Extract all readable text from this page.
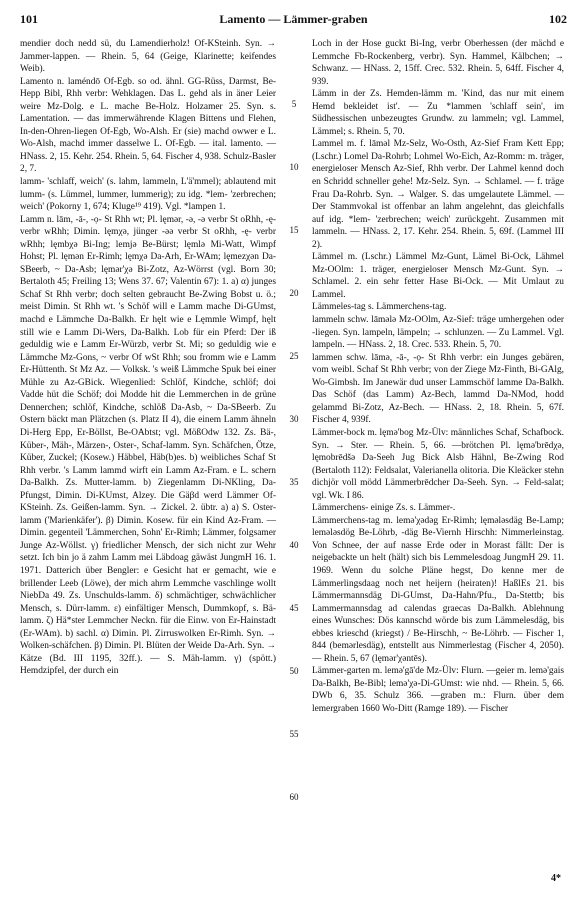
101	Lamento — Lämmer-graben	102

mendier doch nedd sü, du Lamendierholz! Of-KSteinh. Syn. → Jammer-lappen. — Rhein. 5, 64 (Geige, Klarinette; keifendes Weib).

Lamento n. laméndō Of-Egb. so od. ähnl. GG-Rüss, Darmst, Be-Hepp Bibl, Rhh verbr: Wehklagen. Das L. gehd als in äner Leier weire Mz-Dolg. e L. mache Be-Holz. Holzamer 25. Syn. s. Lamentation. — das immerwährende Klagen Bittens und Flehen, In-den-Ohren-liegen Of-Egb, Wo-Alsh. Er (sie) machd owwer e L. Wo-Alsh, machd immer dasselwe L. Of-Egb. — ital. lamento. — HNass. 2, 15. Kehr. 254. Rhein. 5, 64. Fischer 4, 938. Schulz-Basler 2, 7.

lamm- 'schlaff, weich' (s. lahm, lammeln, L'ä'mmel); ablautend mit lumm- (s. Lümmel, lummer, lummerig); zu idg. *lem- 'zerbrechen; weich' (Pokorny 1, 674; Kluge¹⁹ 419). Vgl. *lampen 1.

Lamm n. lām, -ā-, -ọ- St Rhh wt; Pl. lęmər, -ə, -ə verbr St oRhh, -ę- verbr wRhh; Dimin. lęmχə, jünger -ǝə verbr St oRhh, -ę- verbr wRhh; lęmbχə Bi-Ing; lemjə Be-Bürst; lęmlə Mi-Watt, Wimpf Hohst; Pl. lęmən Er-Rimh; lęmχə Da-Arh, Er-WAm; lęmezχən Da-SBeerb, ~ Da-Asb; lęmər'χə Bi-Zotz, Az-Wörrst (vgl. Born 30; Bertaloth 45; Freiling 13; Wens 37. 67; Valentin 67): 1. a) α) junges Schaf St Rhh verbr; doch selten gebraucht Be-Zwing Bobst u. ö.; meist Dimin. St Rhh wt. 's Schöf will e Lamm mache Di-GUmst, machd e Lämmche Da-Balkh. Er hęlt wie e Lęmmle Wimpf, hęlt still wie e Lamm Di-Wers, Da-Balkh. Lob für ein Pferd: Der iß geduldig wie e Lamm Er-Würzb, verbr St. Mi; so geduldig wie e Lämmche Mz-Gons, ~ verbr Of wSt Rhh; sou fromm wie e Lamm Er-Hüttenth. St Mz Az. — Volksk. 's weiß Lämmche Spuk bei einer Mühle zu Az-GBick. Wiegenlied: Schlöf, Kindche, schlöf; doi Vadde hüt die Schöf; doi Modde hit die Lemmerchen in de grüne Dennerchen; schlöf, Kindche, schlöß Da-Asb, ~ Da-SBeerb. Zu Ostern bäckt man Plätzchen (s. Platz II 4), die einem Lamm ähneln Di-Herg Epp, Er-Böllst, Be-OAbtst; vgl. MößOdw 132. Zs. Bä-, Küber-, Mäh-, Märzen-, Oster-, Schaf-lamm. Syn. Schäfchen, Ötze, Küber, Zuckel; (Kosew.) Häbbel, Häb(b)es. b) weibliches Schaf St Rhh verbr. 's Lamm lammd wirft ein Lamm Az-Fram. e L. schern Da-Balkh. Zs. Mutter-lamm. b) Ziegenlamm Di-NKling, Da-Pfungst, Dimin. Di-KUmst, Alzey. Die Gäβd werd Lämmer Of-KSteinh. Zs. Geißen-lamm. Syn. → Zickel. 2. übtr. a) a) S. Oster-lamm ('Marienkäfer'). β) Dimin. Kosew. für ein Kind Az-Fram. — Dimin. gegenteil 'Lämmerchen, Sohn' Er-Rimh; Lämmer, folgsamer Junge Az-Wöllst. γ) friedlicher Mensch, der sich nicht zur Wehr setzt. Ich bin jo ä zahm Lamm mei Läbdoag gäwäst JungmH 16. 1. 1971. Datterich über Bengler: e Gesicht hat er gemacht, wie e brillender Leeb (Löwe), der mich ahrm Lemmche vaschlinge wollt NiebDa 49. Zs. Unschulds-lamm. δ) schmächtiger, schwächlicher Mensch, s. Dürr-lamm. ε) einfältiger Mensch, Dummkopf, s. Bä-lamm. ζ) Hä*ster Lemmcher Neckn. für die Einw. von Er-Hainstadt (Er-WAm). b) sachl. α) Dimin. Pl. Zirruswolken Er-Rimh. Syn. → Wolken-schäfchen. β) Dimin. Pl. Blüten der Weide Da-Arh. Syn. → Kätze (Bd. III 1195, 32ff.). — S. Mäh-lamm. γ) (spött.) Hemdzipfel, der durch ein

5
10
15
20
25
30
35
40
45
50
55
60

Loch in der Hose guckt Bi-Ing, verbr Oberhessen (der mächd e Lemmche Fb-Rockenberg, verbr). Syn. Hammel, Kälbchen; → Schwanz. — HNass. 2, 15ff. Crec. 532. Rhein. 5, 64ff. Fischer 4, 939.

Lämm in der Zs. Hemden-lämm m. 'Kind, das nur mit einem Hemd bekleidet ist'. — Zu *lammen 'schlaff sein', im Südhessischen unbezeugtes Grundw. zu lammeln; vgl. Lammel, Lämmel; s. Rhein. 5, 70.

Lammel m. f. lāməl Mz-Selz, Wo-Osth, Az-Sief Fram Kett Epp; (Lschr.) Lomel Da-Rohrb; Lohmel Wo-Eich, Az-Romm: m. träger, energieloser Mensch Az-Sief, Rhh verbr. Der Lahmel kennd doch en Schridd schneller gehe! Mz-Selz. Syn. → Schlamel. — f. träge Frau Da-Rohrb. Syn. → Walger. S. das umgelautete Lämmel. — Der Stammvokal ist offenbar an lahm angelehnt, das gleichfalls auf idg. *lem- 'zerbrechen; weich' zurückgeht. Zusammen mit lammeln. — HNass. 2, 17. Kehr. 254. Rhein. 5, 69f. (Lammel III 2).

Lämmel m. (Lschr.) Lämmel Mz-Gunt, Lämel Bi-Ock, Lähmel Mz-OOlm: 1. träger, energieloser Mensch Mz-Gunt. Syn. → Schlamel. 2. ein sehr fetter Hase Bi-Ock. — Mit Umlaut zu Lammel.

Lämmeles-tag s. Lämmerchens-tag.

lammeln schw. lāmələ Mz-OOlm, Az-Sief: träge umhergehen oder -liegen. Syn. lampeln, lämpeln; → schlunzen. — Zu Lammel. Vgl. lampeln. — HNass. 2, 18. Crec. 533. Rhein. 5, 70.

lammen schw. lāmə, -ā-, -ọ- St Rhh verbr: ein Junges gebären, vom weibl. Schaf St Rhh verbr; von der Ziege Mz-Finth, Bi-GAlg, Wo-Gimbsh. Im Janewär dud unser Lammschöf lamme Da-Balkh. Das Schöf (das Lamm) Az-Bech, lammd Da-NMod, hodd gelammd Bi-Zotz, Az-Bech. — HNass. 2, 18. Rhein. 5, 67f. Fischer 4, 939f.

Lämmer-bock m. lęmə'bog Mz-Ülv: männliches Schaf, Schafbock. Syn. → Ster. — Rhein. 5, 66. —brötchen Pl. lęmə'brēdχə, lęmobrēdšə Da-Seeh Jug Bick Alsb Hähnl, Be-Zwing Rod (Bertaloth 112): Feldsalat, Valerianella olitoria. Die Kleäcker stehn dichjör voll mödd Lämmerbrēdcher Da-Seeh. Syn. → Feld-salat; vgl. Wk. I 86.

Lämmerchens- einige Zs. s. Lämmer-.

Lämmerchens-tag m. lemə'χədəg Er-Rimh; lęmələsdäg Be-Lamp; lemələsdög Be-Löhrb, -däg Be-Viernh Hirschh: Nimmerleinstag. Von Schnee, der auf nasse Erde oder in Morast fällt: Der is neigebackte un helt (hält) sich bis Lemmelesdoag JungmH 29. 11. 1969. Wenn du solche Pläne hegst, Do kenne mer de Lämmerlingsdaag noch net heijern (heiraten)! HaßlEs 21. bis Lämmermannsdäg Di-GUmst, Da-Hahn/Pfu., Da-Stettb; bis Lammermannsdag ad calendas graecas Da-Balkh. Ablehnung eines Wunsches: Dös kannschd wörde bis zum Lämmelesdäg, bis ebbes krieschd (kriegst) / Be-Hirschh, ~ Be-Löhrb. — Fischer 1, 844 (bemərlesdäg), entstellt aus Nimmerlestag (Fischer 4, 2050). — Rhein. 5, 67 (lęmər'χəntēs).

Lämmer-garten m. lemə'gā'de Mz-Ülv: Flurn. —geier m. lemə'gais Da-Balkh, Be-Bibl; lemə'χə-Di-GUmst: wie nhd. — Rhein. 5, 66. DWb 6, 35. Schulz 366. —graben m.: Flurn. über dem lemergraben 1660 Wo-Ditt (Ramge 189). — Fischer

4*
